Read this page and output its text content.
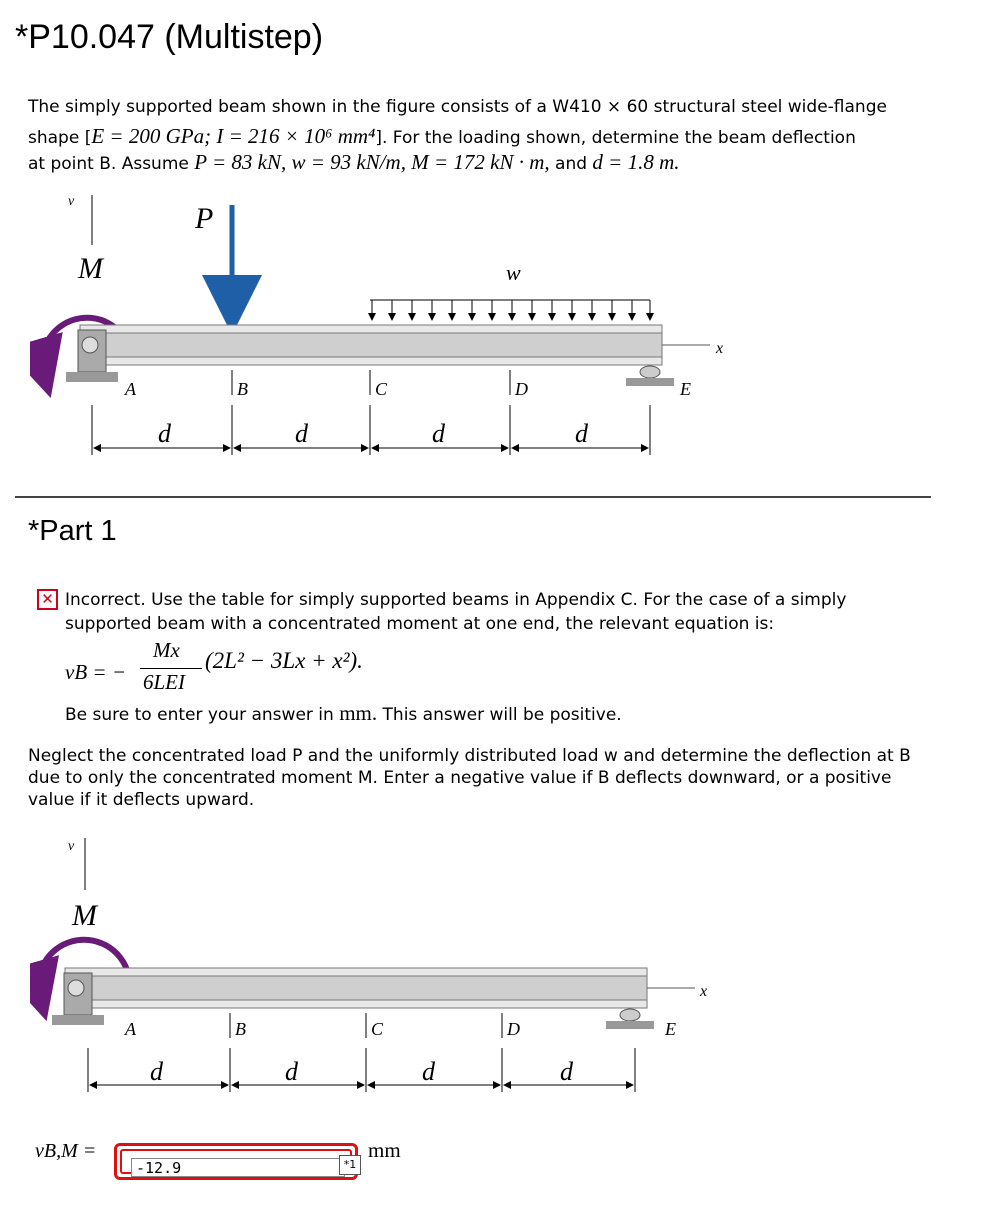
*P10.047 (Multistep)
The simply supported beam shown in the figure consists of a W410 × 60 structural steel wide-flange
shape [E = 200 GPa; I = 216 × 10⁶ mm⁴]. For the loading shown, determine the beam deflection
at point B. Assume P = 83 kN, w = 93 kN/m, M = 172 kN · m, and d = 1.8 m.
v
M
P
w
x
A	B	C	D	E
d	d	d	d
*Part 1
✕ Incorrect. Use the table for simply supported beams in Appendix C. For the case of a simply
supported beam with a concentrated moment at one end, the relevant equation is:
vB = −
Mx
6LEI
(2L² − 3Lx + x²).
Be sure to enter your answer in mm. This answer will be positive.
Neglect the concentrated load P and the uniformly distributed load w and determine the deflection at B
due to only the concentrated moment M. Enter a negative value if B deflects downward, or a positive
value if it deflects upward.
v
M
x
A	B	C	D	E
d	d	d	d
vB,M =
-12.9	*1
mm
